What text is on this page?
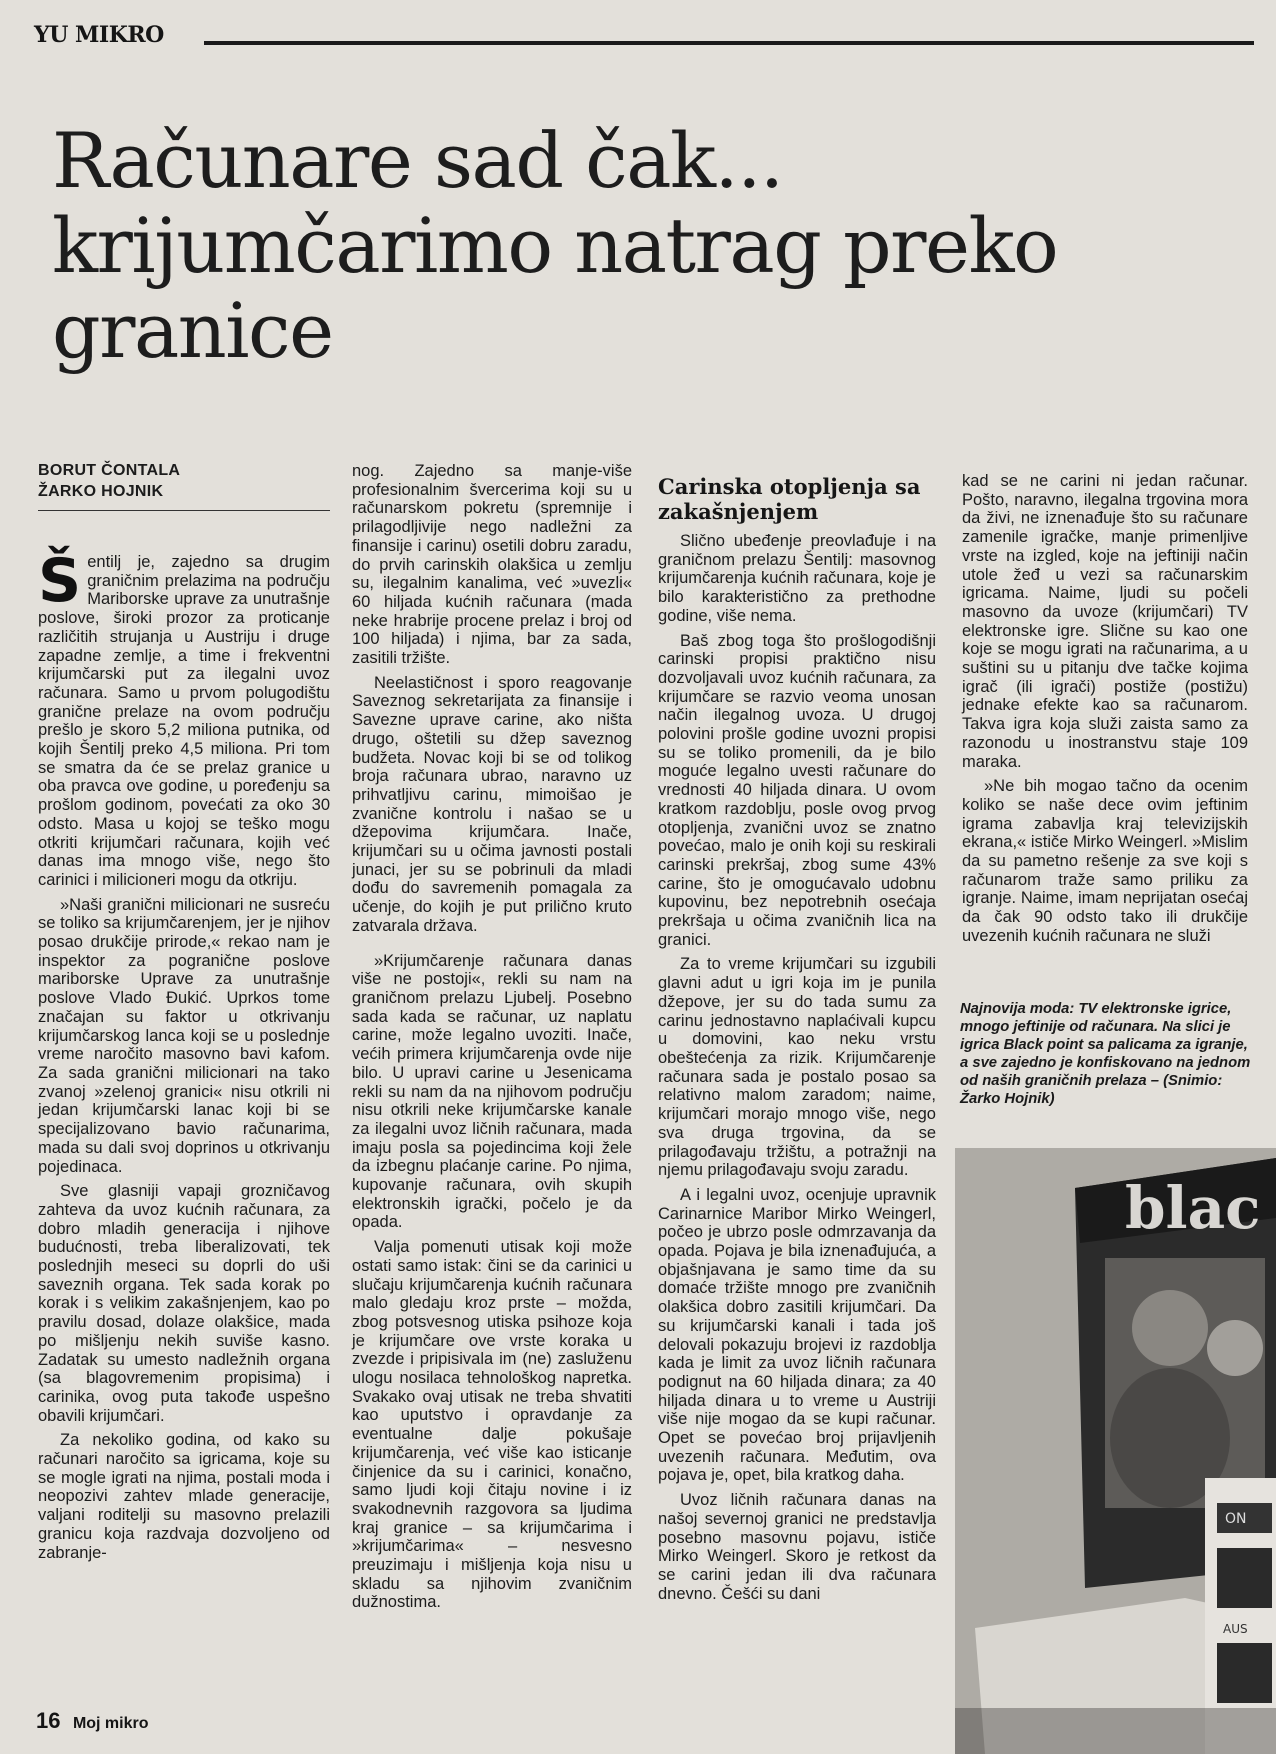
YU MIKRO
Računare sad čak...
krijumčarimo natrag preko
granice
BORUT ČONTALA
ŽARKO HOJNIK

Šentilj je, zajedno sa drugim graničnim prelazima na području Mariborske uprave za unutrašnje poslove, široki prozor za proticanje različitih strujanja u Austriju i druge zapadne zemlje, a time i frekventni krijumčarski put za ilegalni uvoz računara. Samo u prvom polugodištu granične prelaze na ovom području prešlo je skoro 5,2 miliona putnika, od kojih Šentilj preko 4,5 miliona. Pri tom se smatra da će se prelaz granice u oba pravca ove godine, u poređenju sa prošlom godinom, povećati za oko 30 odsto. Masa u kojoj se teško mogu otkriti krijumčari računara, kojih već danas ima mnogo više, nego što carinici i milicioneri mogu da otkriju.

»Naši granični milicionari ne susreću se toliko sa krijumčarenjem, jer je njihov posao drukčije prirode,« rekao nam je inspektor za pogranične poslove mariborske Uprave za unutrašnje poslove Vlado Đukić. Uprkos tome značajan su faktor u otkrivanju krijumčarskog lanca koji se u poslednje vreme naročito masovno bavi kafom. Za sada granični milicionari na tako zvanoj »zelenoj granici« nisu otkrili ni jedan krijumčarski lanac koji bi se specijalizovano bavio računarima, mada su dali svoj doprinos u otkrivanju pojedinaca.

Sve glasniji vapaji grozničavog zahteva da uvoz kućnih računara, za dobro mladih generacija i njihove budućnosti, treba liberalizovati, tek poslednjih meseci su doprli do uši saveznih organa. Tek sada korak po korak i s velikim zakašnjenjem, kao po pravilu dosad, dolaze olakšice, mada po mišljenju nekih suviše kasno. Zadatak su umesto nadležnih organa (sa blagovremenim propisima) i carinika, ovog puta takođe uspešno obavili krijumčari.

Za nekoliko godina, od kako su računari naročito sa igricama, koje su se mogle igrati na njima, postali moda i neopozivi zahtev mlade generacije, valjani roditelji su masovno prelazili granicu koja razdvaja dozvoljeno od zabranje-

nog. Zajedno sa manje-više profesionalnim švercerima koji su u računarskom pokretu (spremnije i prilagodljivije nego nadležni za finansije i carinu) osetili dobru zaradu, do prvih carinskih olakšica u zemlju su, ilegalnim kanalima, već »uvezli« 60 hiljada kućnih računara (mada neke hrabrije procene prelaz i broj od 100 hiljada) i njima, bar za sada, zasitili tržište.

Neelastičnost i sporo reagovanje Saveznog sekretarijata za finansije i Savezne uprave carine, ako ništa drugo, oštetili su džep saveznog budžeta. Novac koji bi se od tolikog broja računara ubrao, naravno uz prihvatljivu carinu, mimoišao je zvanične kontrolu i našao se u džepovima krijumčara. Inače, krijumčari su u očima javnosti postali junaci, jer su se pobrinuli da mladi dođu do savremenih pomagala za učenje, do kojih je put prilično kruto zatvarala država.

»Krijumčarenje računara danas više ne postoji«, rekli su nam na graničnom prelazu Ljubelj. Posebno sada kada se računar, uz naplatu carine, može legalno uvoziti. Inače, većih primera krijumčarenja ovde nije bilo. U upravi carine u Jesenicama rekli su nam da na njihovom području nisu otkrili neke krijumčarske kanale za ilegalni uvoz ličnih računara, mada imaju posla sa pojedincima koji žele da izbegnu plaćanje carine. Po njima, kupovanje računara, ovih skupih elektronskih igrački, počelo je da opada.

Valja pomenuti utisak koji može ostati samo istak: čini se da carinici u slučaju krijumčarenja kućnih računara malo gledaju kroz prste – možda, zbog potsvesnog utiska psihoze koja je krijumčare ove vrste koraka u zvezde i pripisivala im (ne) zasluženu ulogu nosilaca tehnološkog napretka. Svakako ovaj utisak ne treba shvatiti kao uputstvo i opravdanje za eventualne dalje pokušaje krijumčarenja, već više kao isticanje činjenice da su i carinici, konačno, samo ljudi koji čitaju novine i iz svakodnevnih razgovora sa ljudima kraj granice – sa krijumčarima i »krijumčarima« – nesvesno preuzimaju i mišljenja koja nisu u skladu sa njihovim zvaničnim dužnostima.

Carinska otopljenja sa zakašnjenjem

Slično ubeđenje preovlađuje i na graničnom prelazu Šentilj: masovnog krijumčarenja kućnih računara, koje je bilo karakteristično za prethodne godine, više nema.

Baš zbog toga što prošlogodišnji carinski propisi praktično nisu dozvoljavali uvoz kućnih računara, za krijumčare se razvio veoma unosan način ilegalnog uvoza. U drugoj polovini prošle godine uvozni propisi su se toliko promenili, da je bilo moguće legalno uvesti računare do vrednosti 40 hiljada dinara. U ovom kratkom razdoblju, posle ovog prvog otopljenja, zvanični uvoz se znatno povećao, malo je onih koji su reskirali carinski prekršaj, zbog sume 43% carine, što je omogućavalo udobnu kupovinu, bez nepotrebnih osećaja prekršaja u očima zvaničnih lica na granici.

Za to vreme krijumčari su izgubili glavni adut u igri koja im je punila džepove, jer su do tada sumu za carinu jednostavno naplaćivali kupcu u domovini, kao neku vrstu obeštećenja za rizik. Krijumčarenje računara sada je postalo posao sa relativno malom zaradom; naime, krijumčari morajo mnogo više, nego sva druga trgovina, da se prilagođavaju tržištu, a potražnji na njemu prilagođavaju svoju zaradu.

A i legalni uvoz, ocenjuje upravnik Carinarnice Maribor Mirko Weingerl, počeo je ubrzo posle odmrzavanja da opada. Pojava je bila iznenađujuća, a objašnjavana je samo time da su domaće tržište mnogo pre zvaničnih olakšica dobro zasitili krijumčari. Da su krijumčarski kanali i tada još delovali pokazuju brojevi iz razdoblja kada je limit za uvoz ličnih računara podignut na 60 hiljada dinara; za 40 hiljada dinara u to vreme u Austriji više nije mogao da se kupi računar. Opet se povećao broj prijavljenih uvezenih računara. Međutim, ova pojava je, opet, bila kratkog daha.

Uvoz ličnih računara danas na našoj severnoj granici ne predstavlja posebno masovnu pojavu, ističe Mirko Weingerl. Skoro je retkost da se carini jedan ili dva računara dnevno. Češći su dani

kad se ne carini ni jedan računar. Pošto, naravno, ilegalna trgovina mora da živi, ne iznenađuje što su računare zamenile igračke, manje primenljive vrste na izgled, koje na jeftiniji način utole žeđ u vezi sa računarskim igricama. Naime, ljudi su počeli masovno da uvoze (krijumčari) TV elektronske igre. Slične su kao one koje se mogu igrati na računarima, a u suštini su u pitanju dve tačke kojima igrač (ili igrači) postiže (postižu) jednake efekte kao sa računarom. Takva igra koja služi zaista samo za razonodu u inostranstvu staje 109 maraka.

»Ne bih mogao tačno da ocenim koliko se naše dece ovim jeftinim igrama zabavlja kraj televizijskih ekrana,« ističe Mirko Weingerl. »Mislim da su pametno rešenje za sve koji s računarom traže samo priliku za igranje. Naime, imam neprijatan osećaj da čak 90 odsto tako ili drukčije uvezenih kućnih računara ne služi

Najnovija moda: TV elektronske igrice, mnogo jeftinije od računara. Na slici je igrica Black point sa palicama za igranje, a sve zajedno je konfiskovano na jednom od naših graničnih prelaza – (Snimio: Žarko Hojnik)
blac
ON
AUS
16 Moj mikro
